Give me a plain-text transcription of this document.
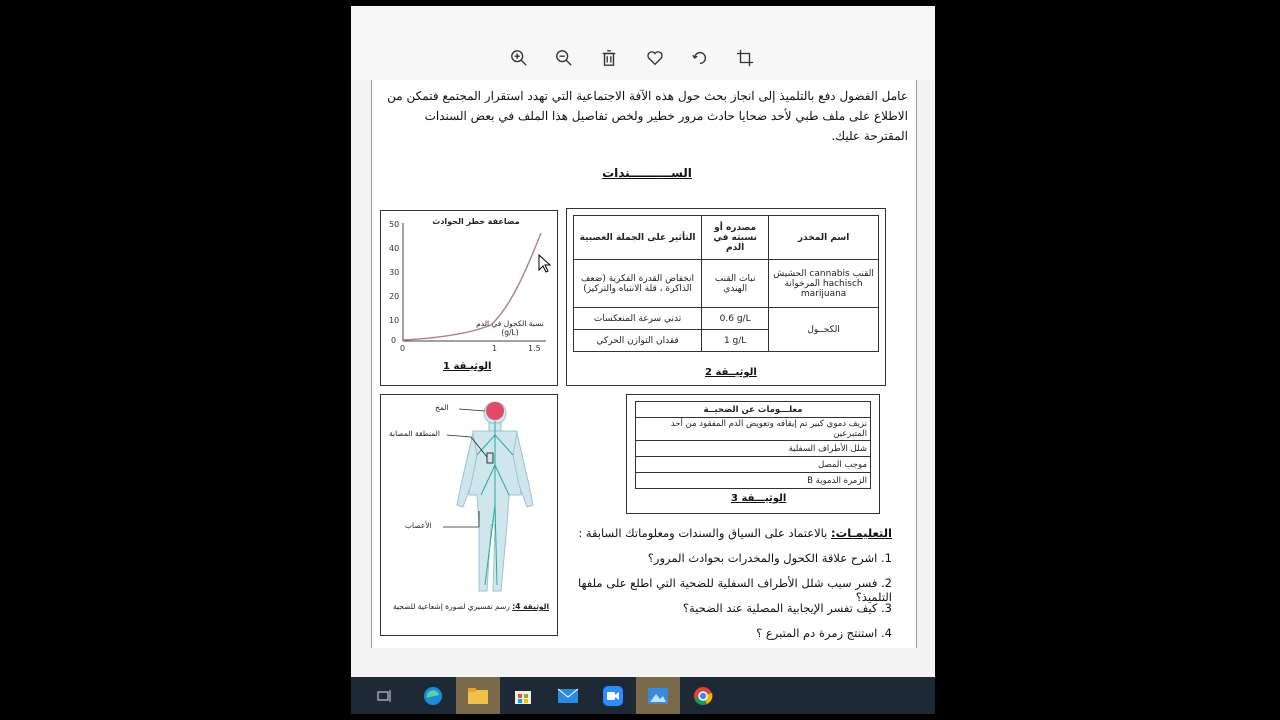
عامل الفضول دفع بالتلميذ إلى انجاز بحث حول هذه الآفة الاجتماعية التي تهدد استقرار المجتمع فتمكن من الاطلاع على ملف طبي لأحد ضحايا حادث مرور خطير ولخص تفاصيل هذا الملف في بعض السندات المقترحة عليك.
الســــــــــندات
50
40
30
20
10
0
0	1	1.5
مضاعفة خطر الحوادث
نسبة الكحول في الدم (g/L)
الوثيـقة 1
التأثير على الجملة العصبية	مصدره أو نسبته في الدم	اسم المخدر
انخفاض القدرة الفكرية (ضعف الذاكرة ، قلة الانتباه والتركيز)	نبات القنب الهندي	القنب cannabis الحشيش hachisch المرخوانة marijuana
تدني سرعة المنعكسات	0.6 g/L	الكحــول
فقدان التوازن الحركي	1 g/L	
الوثيــقة 2
معلـــومات عن الضحيــة
نزيف دموي كبير تم إيقافه وتعويض الدم المفقود من أحد المتبرعين
شلل الأطراف السفلية
موجب المصل
الزمرة الدموية B
الوثيـــقة 3
المخ
المنطقة المصابة
الأعصاب
الوثيقة 4: رسم تفسيري لصورة إشعاعية للضحية
التعليمـات: بالاعتماد على السياق والسندات ومعلوماتك السابقة :
1. اشرح علاقة الكحول والمخدرات بحوادث المرور؟
2. فسر سبب شلل الأطراف السفلية للضحية التي اطلع على ملفها التلميذ؟
3. كيف تفسر الإيجابية المصلية عند الضحية؟
4. استنتج زمرة دم المتبرع ؟
